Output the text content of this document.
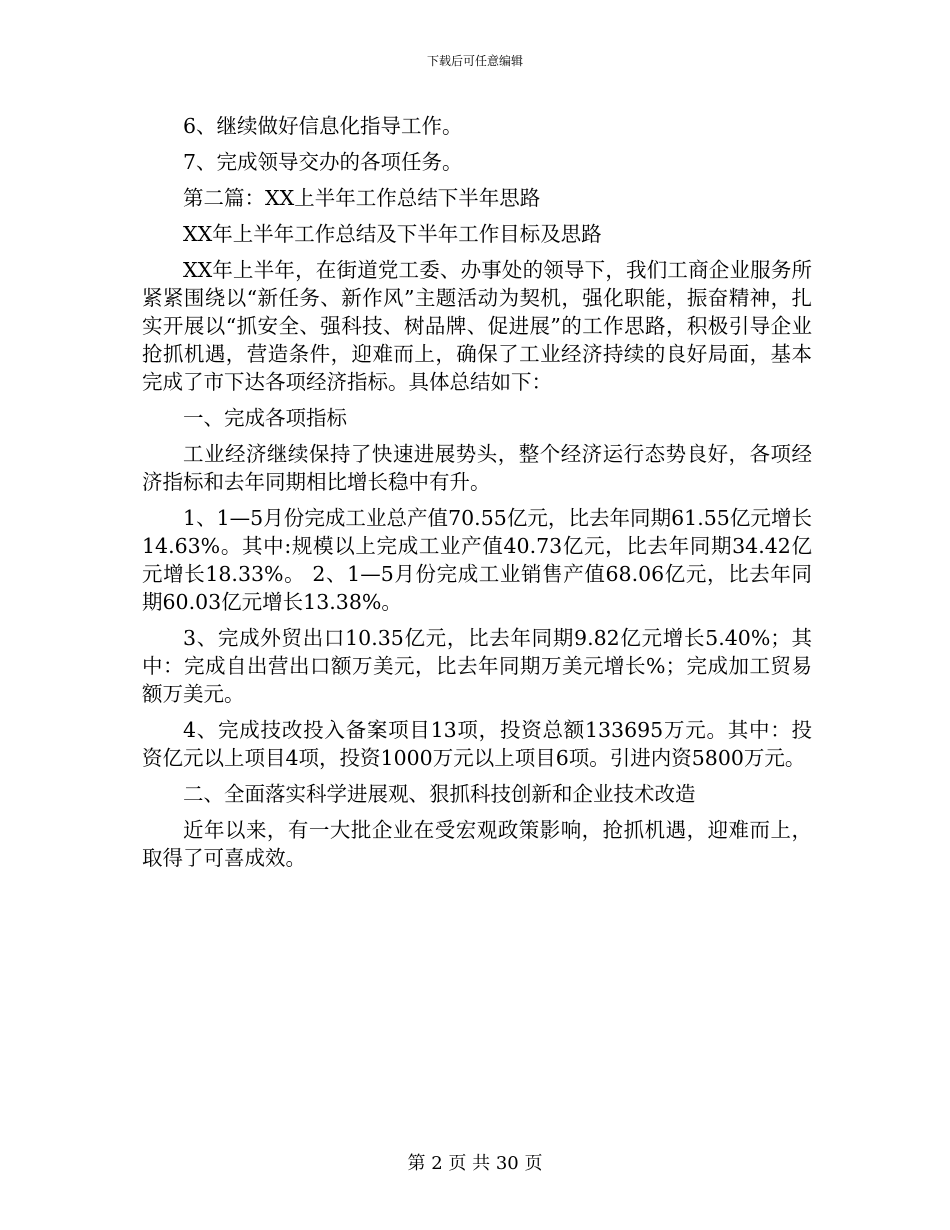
下载后可任意编辑

6、继续做好信息化指导工作。

7、完成领导交办的各项任务。

第二篇：XX上半年工作总结下半年思路

XX年上半年工作总结及下半年工作目标及思路

XX年上半年，在街道党工委、办事处的领导下，我们工商企业服务所紧紧围绕以“新任务、新作风”主题活动为契机，强化职能，振奋精神，扎实开展以“抓安全、强科技、树品牌、促进展”的工作思路，积极引导企业抢抓机遇，营造条件，迎难而上，确保了工业经济持续的良好局面，基本完成了市下达各项经济指标。具体总结如下：

一、完成各项指标

工业经济继续保持了快速进展势头，整个经济运行态势良好，各项经济指标和去年同期相比增长稳中有升。

1、1—5月份完成工业总产值70.55亿元，比去年同期61.55亿元增长14.63%。其中:规模以上完成工业产值40.73亿元，比去年同期34.42亿元增长18.33%。 2、1—5月份完成工业销售产值68.06亿元，比去年同期60.03亿元增长13.38%。

3、完成外贸出口10.35亿元，比去年同期9.82亿元增长5.40%；其中：完成自出营出口额万美元，比去年同期万美元增长%；完成加工贸易额万美元。

4、完成技改投入备案项目13项，投资总额133695万元。其中：投资亿元以上项目4项，投资1000万元以上项目6项。引进内资5800万元。

二、全面落实科学进展观、狠抓科技创新和企业技术改造

近年以来，有一大批企业在受宏观政策影响，抢抓机遇，迎难而上，取得了可喜成效。

第 2 页 共 30 页
